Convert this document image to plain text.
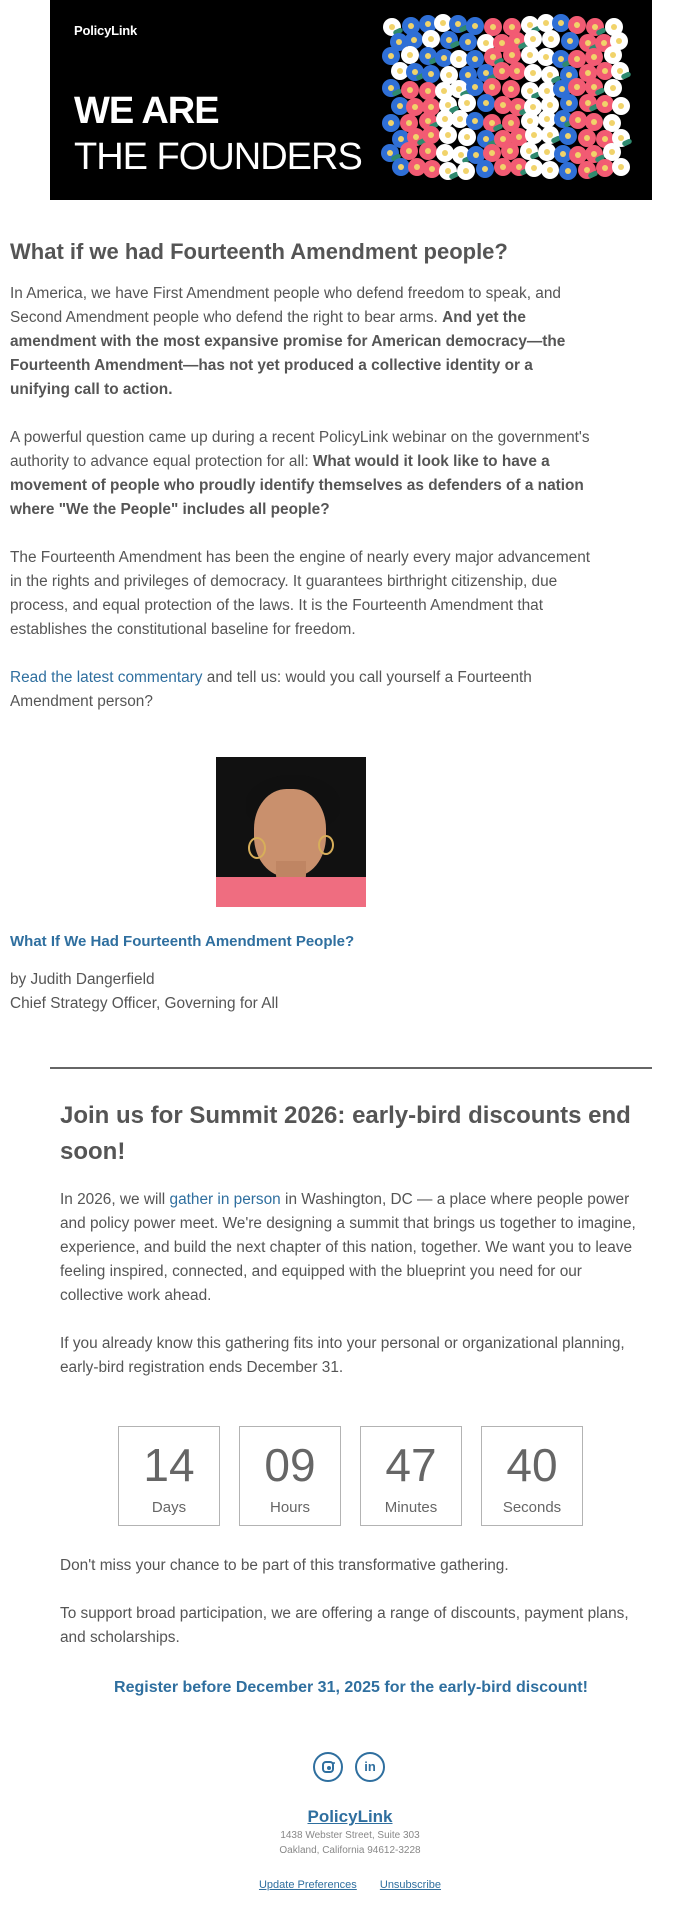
PolicyLink
WE ARE
THE FOUNDERS
What if we had Fourteenth Amendment people?

In America, we have First Amendment people who defend freedom to speak, and Second Amendment people who defend the right to bear arms. And yet the amendment with the most expansive promise for American democracy—the Fourteenth Amendment—has not yet produced a collective identity or a unifying call to action.

A powerful question came up during a recent PolicyLink webinar on the government's authority to advance equal protection for all: What would it look like to have a movement of people who proudly identify themselves as defenders of a nation where "We the People" includes all people?

The Fourteenth Amendment has been the engine of nearly every major advancement in the rights and privileges of democracy. It guarantees birthright citizenship, due process, and equal protection of the laws. It is the Fourteenth Amendment that establishes the constitutional baseline for freedom.

Read the latest commentary and tell us: would you call yourself a Fourteenth Amendment person?

What If We Had Fourteenth Amendment People?
by Judith Dangerfield
Chief Strategy Officer, Governing for All
Join us for Summit 2026: early-bird discounts end soon!

In 2026, we will gather in person in Washington, DC — a place where people power and policy power meet. We're designing a summit that brings us together to imagine, experience, and build the next chapter of this nation, together. We want you to leave feeling inspired, connected, and equipped with the blueprint you need for our collective work ahead.

If you already know this gathering fits into your personal or organizational planning, early-bird registration ends December 31.

14
Days
09
Hours
47
Minutes
40
Seconds

Don't miss your chance to be part of this transformative gathering.

To support broad participation, we are offering a range of discounts, payment plans, and scholarships.

Register before December 31, 2025 for the early-bird discount!
in
PolicyLink
1438 Webster Street, Suite 303
Oakland, California 94612-3228
Update Preferences Unsubscribe
